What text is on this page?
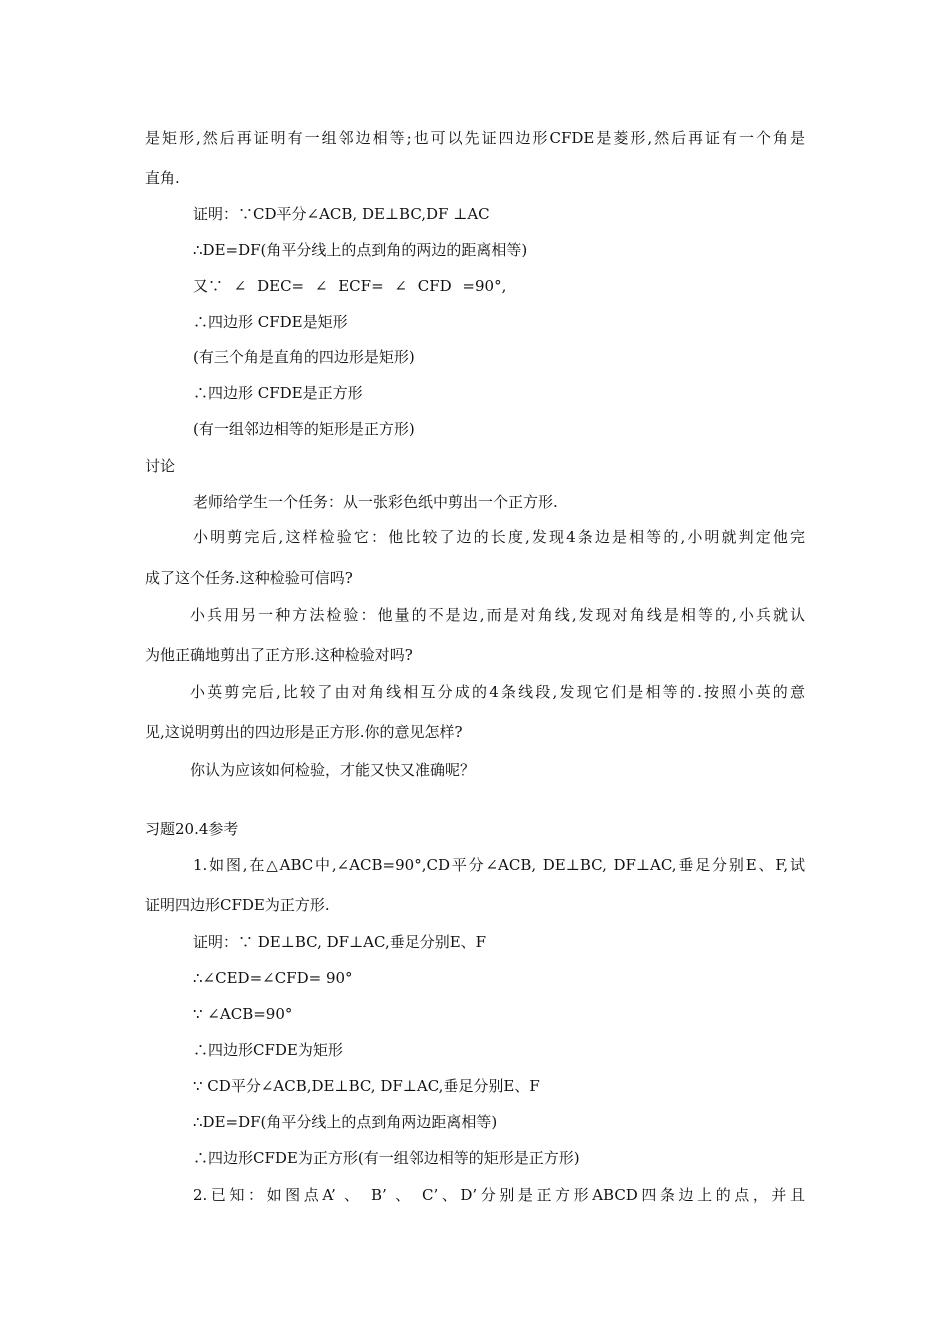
是矩形,然后再证明有一组邻边相等;也可以先证四边形CFDE是菱形,然后再证有一个角是
直角.
证明：∵CD平分∠ACB, DE⊥BC,DF ⊥AC
∴DE=DF(角平分线上的点到角的两边的距离相等)
又∵ ∠ DEC= ∠ ECF= ∠ CFD =90°,
∴四边形 CFDE是矩形
(有三个角是直角的四边形是矩形)
∴四边形 CFDE是正方形
(有一组邻边相等的矩形是正方形)
讨论
老师给学生一个任务：从一张彩色纸中剪出一个正方形.
小明剪完后,这样检验它：他比较了边的长度,发现4条边是相等的,小明就判定他完
成了这个任务.这种检验可信吗?
小兵用另一种方法检验：他量的不是边,而是对角线,发现对角线是相等的,小兵就认
为他正确地剪出了正方形.这种检验对吗?
小英剪完后,比较了由对角线相互分成的4条线段,发现它们是相等的.按照小英的意
见,这说明剪出的四边形是正方形.你的意见怎样?
你认为应该如何检验，才能又快又准确呢？
习题20.4参考
1.如图,在△ABC中,∠ACB=90°,CD平分∠ACB, DE⊥BC, DF⊥AC,垂足分别E、F,试
证明四边形CFDE为正方形.
证明：∵ DE⊥BC, DF⊥AC,垂足分别E、F
∴∠CED=∠CFD= 90°
∵ ∠ACB=90°
∴四边形CFDE为矩形
∵ CD平分∠ACB,DE⊥BC, DF⊥AC,垂足分别E、F
∴DE=DF(角平分线上的点到角两边距离相等)
∴四边形CFDE为正方形(有一组邻边相等的矩形是正方形)
2.已知：如图点A’ 、 B’ 、 C’、D’分别是正方形ABCD四条边上的点，并且
